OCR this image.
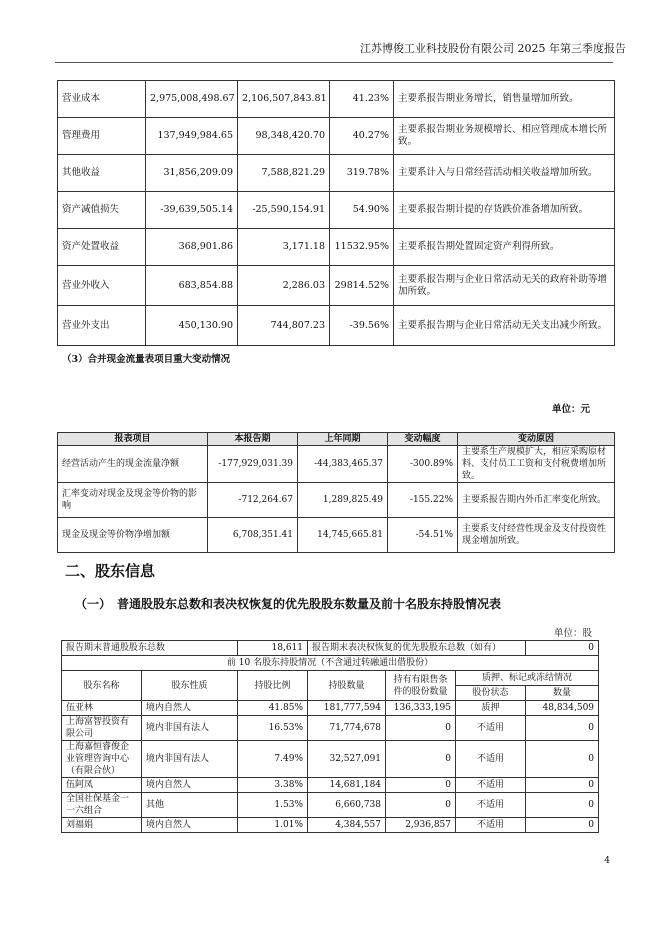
江苏博俊工业科技股份有限公司 2025 年第三季度报告
营业成本	2,975,008,498.67	2,106,507,843.81	41.23%	主要系报告期业务增长，销售量增加所致。
管理费用	137,949,984.65	98,348,420.70	40.27%	主要系报告期业务规模增长、相应管理成本增长所致。
其他收益	31,856,209.09	7,588,821.29	319.78%	主要系计入与日常经营活动相关收益增加所致。
资产减值损失	-39,639,505.14	-25,590,154.91	54.90%	主要系报告期计提的存货跌价准备增加所致。
资产处置收益	368,901.86	3,171.18	11532.95%	主要系报告期处置固定资产利得所致。
营业外收入	683,854.88	2,286.03	29814.52%	主要系报告期与企业日常活动无关的政府补助等增加所致。
营业外支出	450,130.90	744,807.23	-39.56%	主要系报告期与企业日常活动无关支出减少所致。
（3）合并现金流量表项目重大变动情况
单位：元
报表项目	本报告期	上年同期	变动幅度	变动原因
经营活动产生的现金流量净额	-177,929,031.39	-44,383,465.37	-300.89%	主要系生产规模扩大，相应采购原材料、支付员工工资和支付税费增加所致。
汇率变动对现金及现金等价物的影响	-712,264.67	1,289,825.49	-155.22%	主要系报告期内外币汇率变化所致。
现金及现金等价物净增加额	6,708,351.41	14,745,665.81	-54.51%	主要系支付经营性现金及支付投资性现金增加所致。
二、股东信息
（一）　普通股股东总数和表决权恢复的优先股股东数量及前十名股东持股情况表
单位：股
报告期末普通股股东总数		18,611	报告期末表决权恢复的优先股股东总数（如有）			0
前 10 名股东持股情况（不含通过转融通出借股份）						
股东名称	股东性质	持股比例	持股数量	持有有限售条件的股份数量	质押、标记或冻结情况	
					股份状态	数量
伍亚林	境内自然人	41.85%	181,777,594	136,333,195	质押	48,834,509
上海富智投资有限公司	境内非国有法人	16.53%	71,774,678	0	不适用	0
上海嘉恒睿俊企业管理咨询中心（有限合伙）	境内非国有法人	7.49%	32,527,091	0	不适用	0
伍阿凤	境内自然人	3.38%	14,681,184	0	不适用	0
全国社保基金一一六组合	其他	1.53%	6,660,738	0	不适用	0
刘福娟	境内自然人	1.01%	4,384,557	2,936,857	不适用	0
4
